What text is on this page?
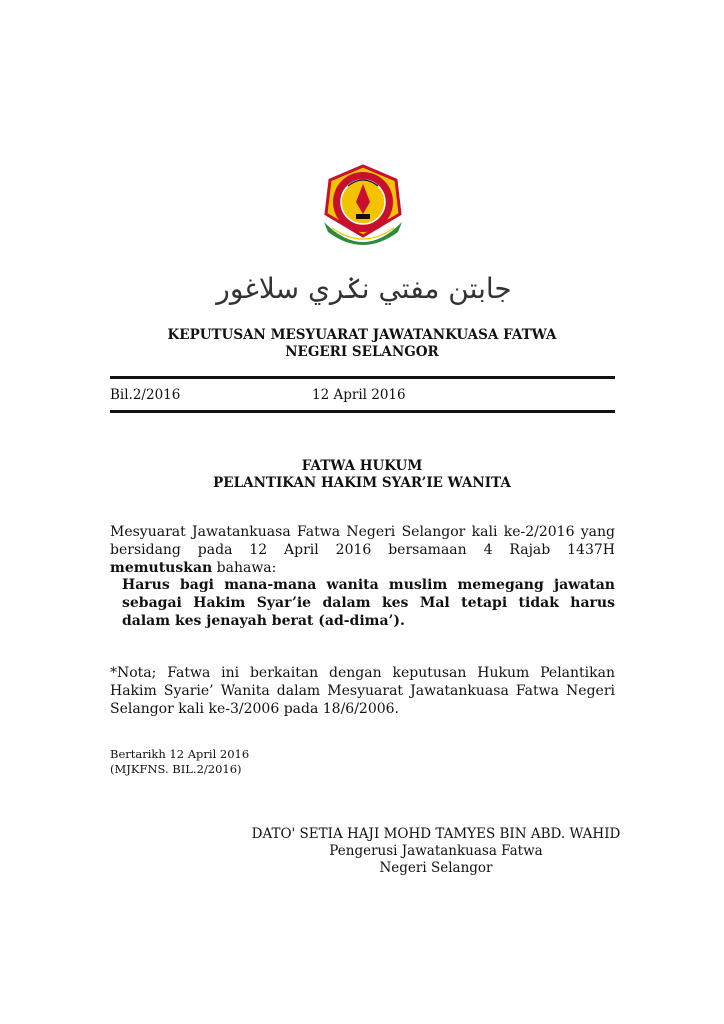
جابتن مفتي نݢري سلاغور
KEPUTUSAN MESYUARAT JAWATANKUASA FATWA
NEGERI SELANGOR
Bil.2/2016	12 April 2016
FATWA HUKUM
PELANTIKAN HAKIM SYAR’IE WANITA
Mesyuarat Jawatankuasa Fatwa Negeri Selangor kali ke-2/2016 yang bersidang pada 12 April 2016 bersamaan 4 Rajab 1437H memutuskan bahawa:
Harus bagi mana-mana wanita muslim memegang jawatan sebagai Hakim Syar’ie dalam kes Mal tetapi tidak harus dalam kes jenayah berat (ad-dima’).
*Nota; Fatwa ini berkaitan dengan keputusan Hukum Pelantikan Hakim Syarie’ Wanita dalam Mesyuarat Jawatankuasa Fatwa Negeri Selangor kali ke-3/2006 pada 18/6/2006.
Bertarikh 12 April 2016
(MJKFNS. BIL.2/2016)
DATO' SETIA HAJI MOHD TAMYES BIN ABD. WAHID
Pengerusi Jawatankuasa Fatwa
Negeri Selangor
